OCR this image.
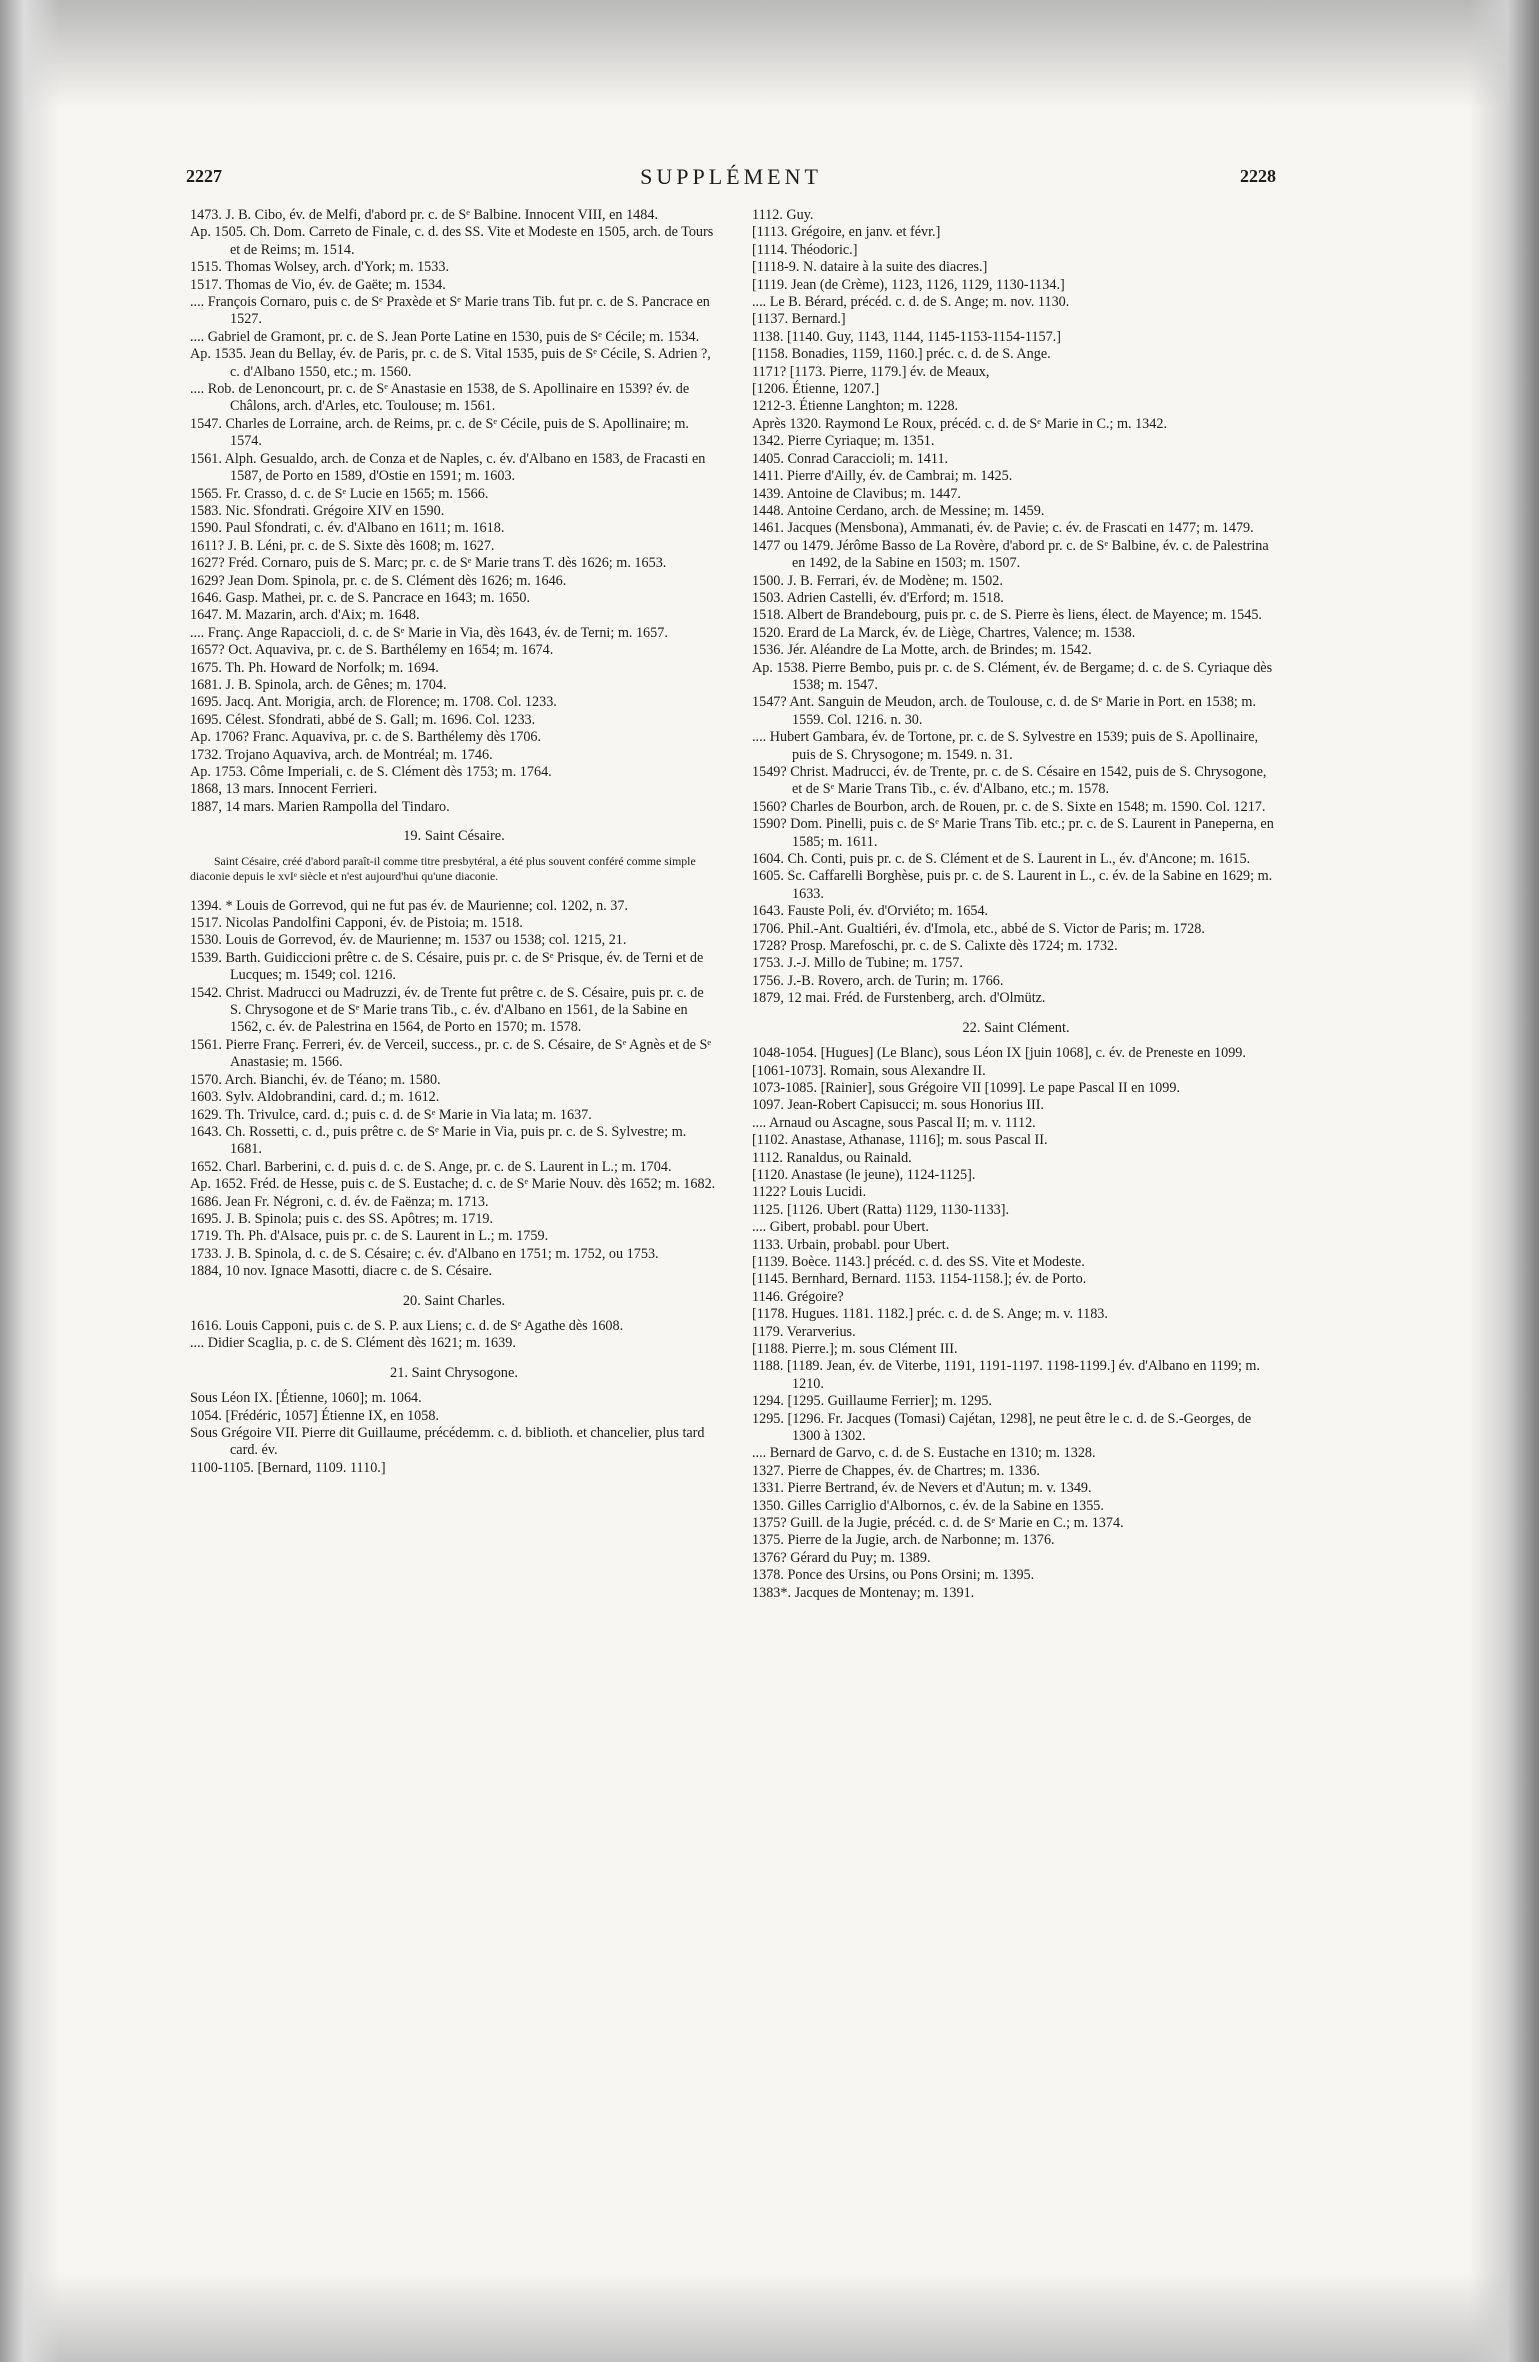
2227	SUPPLÉMENT	2228

1473. J. B. Cibo, év. de Melfi, d'abord pr. c. de Sᵉ Balbine. Innocent VIII, en 1484.

Ap. 1505. Ch. Dom. Carreto de Finale, c. d. des SS. Vite et Modeste en 1505, arch. de Tours et de Reims; m. 1514.

1515. Thomas Wolsey, arch. d'York; m. 1533.

1517. Thomas de Vio, év. de Gaëte; m. 1534.

.... François Cornaro, puis c. de Sᵉ Praxède et Sᵉ Marie trans Tib. fut pr. c. de S. Pancrace en 1527.

.... Gabriel de Gramont, pr. c. de S. Jean Porte Latine en 1530, puis de Sᵉ Cécile; m. 1534.

Ap. 1535. Jean du Bellay, év. de Paris, pr. c. de S. Vital 1535, puis de Sᵉ Cécile, S. Adrien ?, c. d'Albano 1550, etc.; m. 1560.

.... Rob. de Lenoncourt, pr. c. de Sᵉ Anastasie en 1538, de S. Apollinaire en 1539? év. de Châlons, arch. d'Arles, etc. Toulouse; m. 1561.

1547. Charles de Lorraine, arch. de Reims, pr. c. de Sᵉ Cécile, puis de S. Apollinaire; m. 1574.

1561. Alph. Gesualdo, arch. de Conza et de Naples, c. év. d'Albano en 1583, de Fracasti en 1587, de Porto en 1589, d'Ostie en 1591; m. 1603.

1565. Fr. Crasso, d. c. de Sᵉ Lucie en 1565; m. 1566.

1583. Nic. Sfondrati. Grégoire XIV en 1590.

1590. Paul Sfondrati, c. év. d'Albano en 1611; m. 1618.

1611? J. B. Léni, pr. c. de S. Sixte dès 1608; m. 1627.

1627? Fréd. Cornaro, puis de S. Marc; pr. c. de Sᵉ Marie trans T. dès 1626; m. 1653.

1629? Jean Dom. Spinola, pr. c. de S. Clément dès 1626; m. 1646.

1646. Gasp. Mathei, pr. c. de S. Pancrace en 1643; m. 1650.

1647. M. Mazarin, arch. d'Aix; m. 1648.

.... Franç. Ange Rapaccioli, d. c. de Sᵉ Marie in Via, dès 1643, év. de Terni; m. 1657.

1657? Oct. Aquaviva, pr. c. de S. Barthélemy en 1654; m. 1674.

1675. Th. Ph. Howard de Norfolk; m. 1694.

1681. J. B. Spinola, arch. de Gênes; m. 1704.

1695. Jacq. Ant. Morigia, arch. de Florence; m. 1708. Col. 1233.

1695. Célest. Sfondrati, abbé de S. Gall; m. 1696. Col. 1233.

Ap. 1706? Franc. Aquaviva, pr. c. de S. Barthélemy dès 1706.

1732. Trojano Aquaviva, arch. de Montréal; m. 1746.

Ap. 1753. Côme Imperiali, c. de S. Clément dès 1753; m. 1764.

1868, 13 mars. Innocent Ferrieri.

1887, 14 mars. Marien Rampolla del Tindaro.

19. Saint Césaire.

Saint Césaire, créé d'abord paraît-il comme titre presbytéral, a été plus souvent conféré comme simple diaconie depuis le xvIᵉ siècle et n'est aujourd'hui qu'une diaconie.

1394. * Louis de Gorrevod, qui ne fut pas év. de Maurienne; col. 1202, n. 37.

1517. Nicolas Pandolfini Capponi, év. de Pistoia; m. 1518.

1530. Louis de Gorrevod, év. de Maurienne; m. 1537 ou 1538; col. 1215, 21.

1539. Barth. Guidiccioni prêtre c. de S. Césaire, puis pr. c. de Sᵉ Prisque, év. de Terni et de Lucques; m. 1549; col. 1216.

1542. Christ. Madrucci ou Madruzzi, év. de Trente fut prêtre c. de S. Césaire, puis pr. c. de S. Chrysogone et de Sᵉ Marie trans Tib., c. év. d'Albano en 1561, de la Sabine en 1562, c. év. de Palestrina en 1564, de Porto en 1570; m. 1578.

1561. Pierre Franç. Ferreri, év. de Verceil, success., pr. c. de S. Césaire, de Sᵉ Agnès et de Sᵉ Anastasie; m. 1566.

1570. Arch. Bianchi, év. de Téano; m. 1580.

1603. Sylv. Aldobrandini, card. d.; m. 1612.

1629. Th. Trivulce, card. d.; puis c. d. de Sᵉ Marie in Via lata; m. 1637.

1643. Ch. Rossetti, c. d., puis prêtre c. de Sᵉ Marie in Via, puis pr. c. de S. Sylvestre; m. 1681.

1652. Charl. Barberini, c. d. puis d. c. de S. Ange, pr. c. de S. Laurent in L.; m. 1704.

Ap. 1652. Fréd. de Hesse, puis c. de S. Eustache; d. c. de Sᵉ Marie Nouv. dès 1652; m. 1682.

1686. Jean Fr. Négroni, c. d. év. de Faënza; m. 1713.

1695. J. B. Spinola; puis c. des SS. Apôtres; m. 1719.

1719. Th. Ph. d'Alsace, puis pr. c. de S. Laurent in L.; m. 1759.

1733. J. B. Spinola, d. c. de S. Césaire; c. év. d'Albano en 1751; m. 1752, ou 1753.

1884, 10 nov. Ignace Masotti, diacre c. de S. Césaire.

20. Saint Charles.

1616. Louis Capponi, puis c. de S. P. aux Liens; c. d. de Sᵉ Agathe dès 1608.

.... Didier Scaglia, p. c. de S. Clément dès 1621; m. 1639.

21. Saint Chrysogone.

Sous Léon IX. [Étienne, 1060]; m. 1064.

1054. [Frédéric, 1057] Étienne IX, en 1058.

Sous Grégoire VII. Pierre dit Guillaume, précédemm. c. d. biblioth. et chancelier, plus tard card. év.

1100-1105. [Bernard, 1109. 1110.]

1112. Guy.

[1113. Grégoire, en janv. et févr.]

[1114. Théodoric.]

[1118-9. N. dataire à la suite des diacres.]

[1119. Jean (de Crème), 1123, 1126, 1129, 1130-1134.]

.... Le B. Bérard, précéd. c. d. de S. Ange; m. nov. 1130.

[1137. Bernard.]

1138. [1140. Guy, 1143, 1144, 1145-1153-1154-1157.]

[1158. Bonadies, 1159, 1160.] préc. c. d. de S. Ange.

1171? [1173. Pierre, 1179.] év. de Meaux,

[1206. Étienne, 1207.]

1212-3. Étienne Langhton; m. 1228.

Après 1320. Raymond Le Roux, précéd. c. d. de Sᵉ Marie in C.; m. 1342.

1342. Pierre Cyriaque; m. 1351.

1405. Conrad Caraccioli; m. 1411.

1411. Pierre d'Ailly, év. de Cambrai; m. 1425.

1439. Antoine de Clavibus; m. 1447.

1448. Antoine Cerdano, arch. de Messine; m. 1459.

1461. Jacques (Mensbona), Ammanati, év. de Pavie; c. év. de Frascati en 1477; m. 1479.

1477 ou 1479. Jérôme Basso de La Rovère, d'abord pr. c. de Sᵉ Balbine, év. c. de Palestrina en 1492, de la Sabine en 1503; m. 1507.

1500. J. B. Ferrari, év. de Modène; m. 1502.

1503. Adrien Castelli, év. d'Erford; m. 1518.

1518. Albert de Brandebourg, puis pr. c. de S. Pierre ès liens, élect. de Mayence; m. 1545.

1520. Erard de La Marck, év. de Liège, Chartres, Valence; m. 1538.

1536. Jér. Aléandre de La Motte, arch. de Brindes; m. 1542.

Ap. 1538. Pierre Bembo, puis pr. c. de S. Clément, év. de Bergame; d. c. de S. Cyriaque dès 1538; m. 1547.

1547? Ant. Sanguin de Meudon, arch. de Toulouse, c. d. de Sᵉ Marie in Port. en 1538; m. 1559. Col. 1216. n. 30.

.... Hubert Gambara, év. de Tortone, pr. c. de S. Sylvestre en 1539; puis de S. Apollinaire, puis de S. Chrysogone; m. 1549. n. 31.

1549? Christ. Madrucci, év. de Trente, pr. c. de S. Césaire en 1542, puis de S. Chrysogone, et de Sᵉ Marie Trans Tib., c. év. d'Albano, etc.; m. 1578.

1560? Charles de Bourbon, arch. de Rouen, pr. c. de S. Sixte en 1548; m. 1590. Col. 1217.

1590? Dom. Pinelli, puis c. de Sᵉ Marie Trans Tib. etc.; pr. c. de S. Laurent in Paneperna, en 1585; m. 1611.

1604. Ch. Conti, puis pr. c. de S. Clément et de S. Laurent in L., év. d'Ancone; m. 1615.

1605. Sc. Caffarelli Borghèse, puis pr. c. de S. Laurent in L., c. év. de la Sabine en 1629; m. 1633.

1643. Fauste Poli, év. d'Orviéto; m. 1654.

1706. Phil.-Ant. Gualtiéri, év. d'Imola, etc., abbé de S. Victor de Paris; m. 1728.

1728? Prosp. Marefoschi, pr. c. de S. Calixte dès 1724; m. 1732.

1753. J.-J. Millo de Tubine; m. 1757.

1756. J.-B. Rovero, arch. de Turin; m. 1766.

1879, 12 mai. Fréd. de Furstenberg, arch. d'Olmütz.

22. Saint Clément.

1048-1054. [Hugues] (Le Blanc), sous Léon IX [juin 1068], c. év. de Preneste en 1099.

[1061-1073]. Romain, sous Alexandre II.

1073-1085. [Rainier], sous Grégoire VII [1099]. Le pape Pascal II en 1099.

1097. Jean-Robert Capisucci; m. sous Honorius III.

.... Arnaud ou Ascagne, sous Pascal II; m. v. 1112.

[1102. Anastase, Athanase, 1116]; m. sous Pascal II.

1112. Ranaldus, ou Rainald.

[1120. Anastase (le jeune), 1124-1125].

1122? Louis Lucidi.

1125. [1126. Ubert (Ratta) 1129, 1130-1133].

.... Gibert, probabl. pour Ubert.

1133. Urbain, probabl. pour Ubert.

[1139. Boèce. 1143.] précéd. c. d. des SS. Vite et Modeste.

[1145. Bernhard, Bernard. 1153. 1154-1158.]; év. de Porto.

1146. Grégoire?

[1178. Hugues. 1181. 1182.] préc. c. d. de S. Ange; m. v. 1183.

1179. Verarverius.

[1188. Pierre.]; m. sous Clément III.

1188. [1189. Jean, év. de Viterbe, 1191, 1191-1197. 1198-1199.] év. d'Albano en 1199; m. 1210.

1294. [1295. Guillaume Ferrier]; m. 1295.

1295. [1296. Fr. Jacques (Tomasi) Cajétan, 1298], ne peut être le c. d. de S.-Georges, de 1300 à 1302.

.... Bernard de Garvo, c. d. de S. Eustache en 1310; m. 1328.

1327. Pierre de Chappes, év. de Chartres; m. 1336.

1331. Pierre Bertrand, év. de Nevers et d'Autun; m. v. 1349.

1350. Gilles Carriglio d'Albornos, c. év. de la Sabine en 1355.

1375? Guill. de la Jugie, précéd. c. d. de Sᵉ Marie en C.; m. 1374.

1375. Pierre de la Jugie, arch. de Narbonne; m. 1376.

1376? Gérard du Puy; m. 1389.

1378. Ponce des Ursins, ou Pons Orsini; m. 1395.

1383*. Jacques de Montenay; m. 1391.
